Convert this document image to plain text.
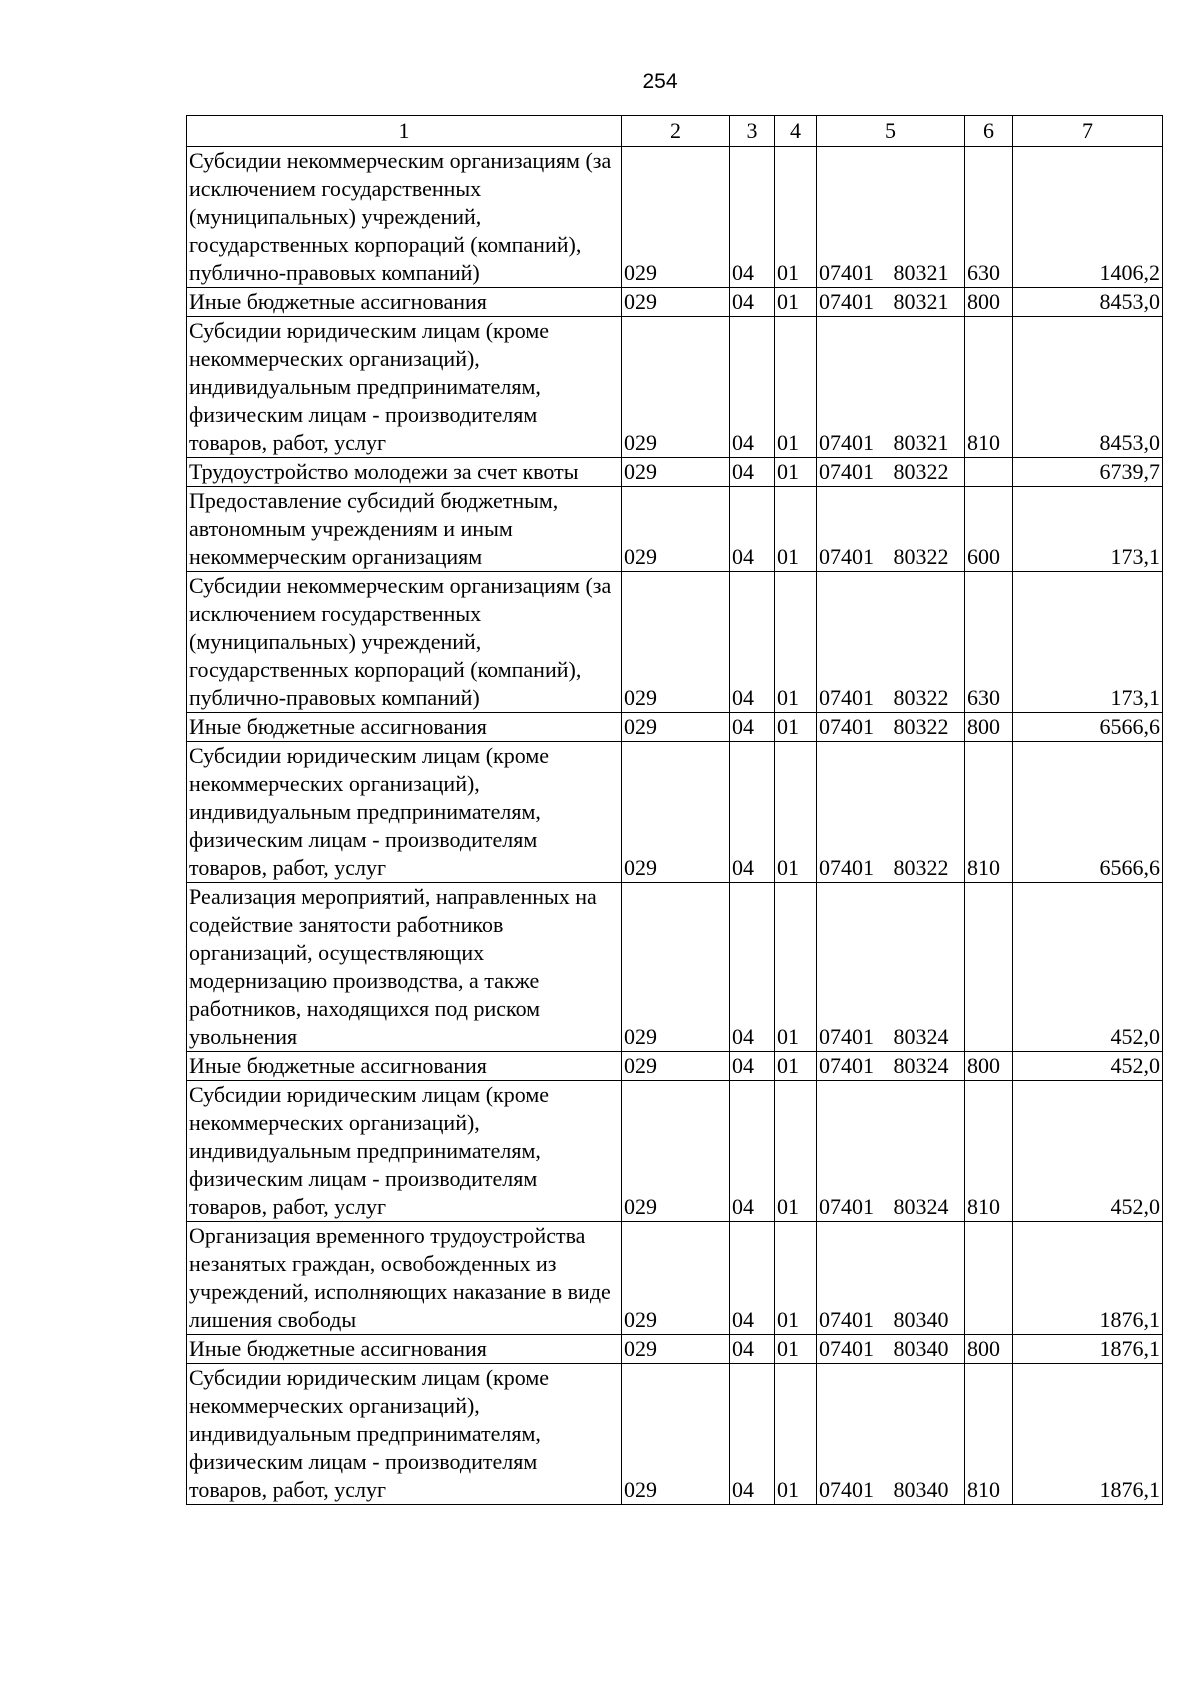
254
1	2	3	4	5	6	7
Субсидии некоммерческим организациям (за исключением государственных (муниципальных) учреждений, государственных корпораций (компаний), публично-правовых компаний)	029	04	01	07401 80321	630	1406,2
Иные бюджетные ассигнования	029	04	01	07401 80321	800	8453,0
Субсидии юридическим лицам (кроме некоммерческих организаций), индивидуальным предпринимателям, физическим лицам - производителям товаров, работ, услуг	029	04	01	07401 80321	810	8453,0
Трудоустройство молодежи за счет квоты	029	04	01	07401 80322		6739,7
Предоставление субсидий бюджетным, автономным учреждениям и иным некоммерческим организациям	029	04	01	07401 80322	600	173,1
Субсидии некоммерческим организациям (за исключением государственных (муниципальных) учреждений, государственных корпораций (компаний), публично-правовых компаний)	029	04	01	07401 80322	630	173,1
Иные бюджетные ассигнования	029	04	01	07401 80322	800	6566,6
Субсидии юридическим лицам (кроме некоммерческих организаций), индивидуальным предпринимателям, физическим лицам - производителям товаров, работ, услуг	029	04	01	07401 80322	810	6566,6
Реализация мероприятий, направленных на содействие занятости работников организаций, осуществляющих модернизацию производства, а также работников, находящихся под риском увольнения	029	04	01	07401 80324		452,0
Иные бюджетные ассигнования	029	04	01	07401 80324	800	452,0
Субсидии юридическим лицам (кроме некоммерческих организаций), индивидуальным предпринимателям, физическим лицам - производителям товаров, работ, услуг	029	04	01	07401 80324	810	452,0
Организация временного трудоустройства незанятых граждан, освобожденных из учреждений, исполняющих наказание в виде лишения свободы	029	04	01	07401 80340		1876,1
Иные бюджетные ассигнования	029	04	01	07401 80340	800	1876,1
Субсидии юридическим лицам (кроме некоммерческих организаций), индивидуальным предпринимателям, физическим лицам - производителям товаров, работ, услуг	029	04	01	07401 80340	810	1876,1
